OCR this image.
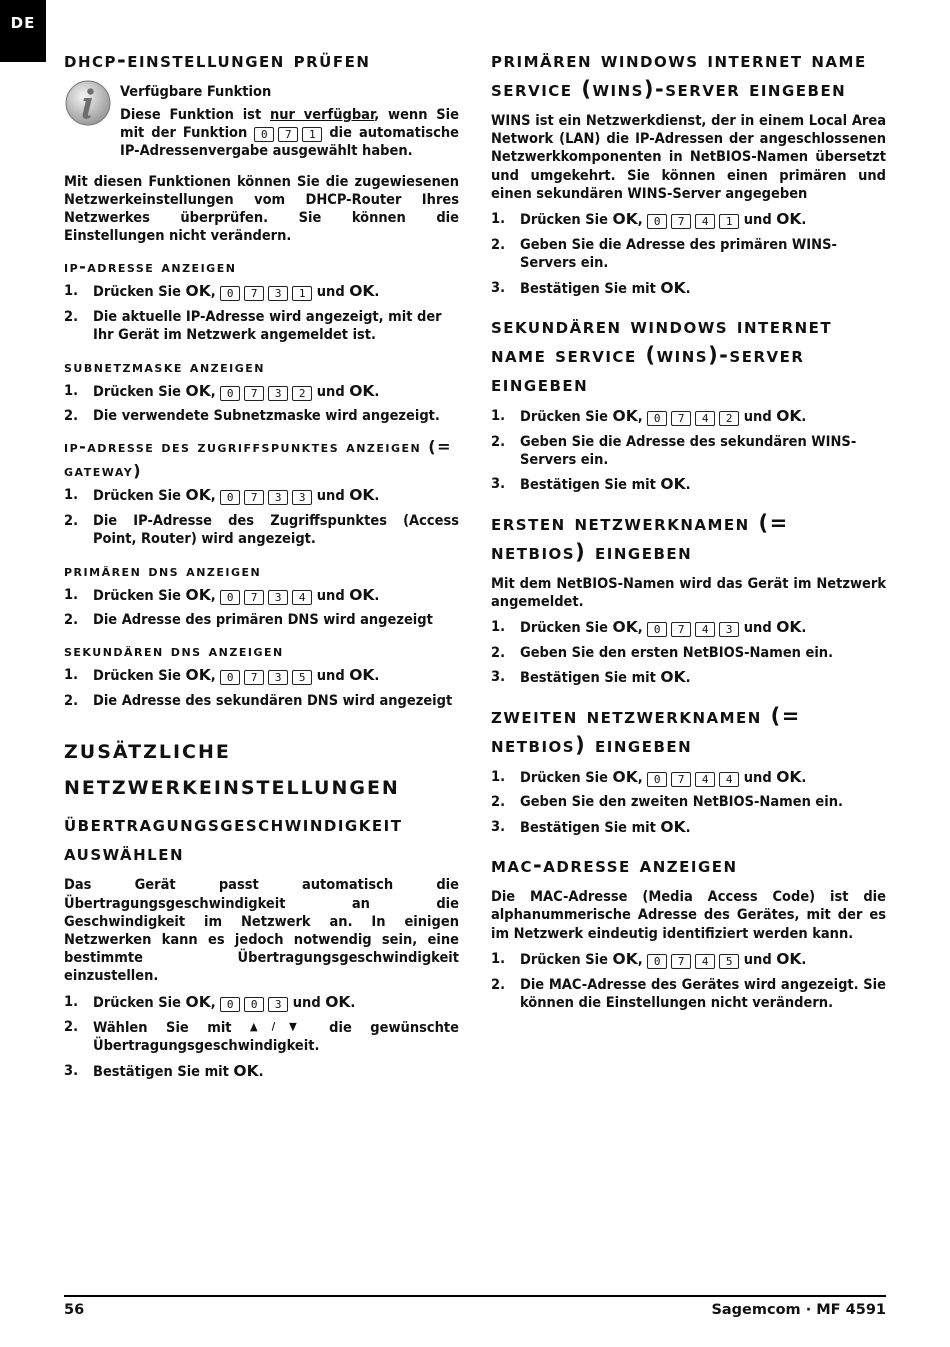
DE
dhcp-einstellungen prüfen
Verfügbare Funktion
Diese Funktion ist nur verfügbar, wenn Sie mit der Funktion 0 7 1 die automatische IP-Adressenvergabe ausgewählt haben.

Mit diesen Funktionen können Sie die zugewiesenen Netzwerkeinstellungen vom DHCP-Router Ihres Netzwerkes überprüfen. Sie können die Einstellungen nicht verändern.

ip-adresse anzeigen
1. Drücken Sie OK, 0 7 3 1 und OK.
2. Die aktuelle IP-Adresse wird angezeigt, mit der Ihr Gerät im Netzwerk angemeldet ist.
subnetzmaske anzeigen
1. Drücken Sie OK, 0 7 3 2 und OK.
2. Die verwendete Subnetzmaske wird angezeigt.
ip-adresse des zugriffspunktes anzeigen (= gateway)
1. Drücken Sie OK, 0 7 3 3 und OK.
2. Die IP-Adresse des Zugriffspunktes (Access Point, Router) wird angezeigt.
primären dns anzeigen
1. Drücken Sie OK, 0 7 3 4 und OK.
2. Die Adresse des primären DNS wird angezeigt
sekundären dns anzeigen
1. Drücken Sie OK, 0 7 3 5 und OK.
2. Die Adresse des sekundären DNS wird angezeigt
zusätzliche netzwerkeinstellungen
übertragungsgeschwindigkeit auswählen

Das Gerät passt automatisch die Übertragungsgeschwindigkeit an die Geschwindigkeit im Netzwerk an. In einigen Netzwerken kann es jedoch notwendig sein, eine bestimmte Übertragungsgeschwindigkeit einzustellen.

1. Drücken Sie OK, 0 0 3 und OK.
2. Wählen Sie mit ▲/▼ die gewünschte Übertragungsgeschwindigkeit.
3. Bestätigen Sie mit OK.
primären windows internet name service (wins)-server eingeben

WINS ist ein Netzwerkdienst, der in einem Local Area Network (LAN) die IP-Adressen der angeschlossenen Netzwerkkomponenten in NetBIOS-Namen übersetzt und umgekehrt. Sie können einen primären und einen sekundären WINS-Server angegeben

1. Drücken Sie OK, 0 7 4 1 und OK.
2. Geben Sie die Adresse des primären WINS-Servers ein.
3. Bestätigen Sie mit OK.
sekundären windows internet name service (wins)-server eingeben
1. Drücken Sie OK, 0 7 4 2 und OK.
2. Geben Sie die Adresse des sekundären WINS-Servers ein.
3. Bestätigen Sie mit OK.
ersten netzwerknamen (= netbios) eingeben

Mit dem NetBIOS-Namen wird das Gerät im Netzwerk angemeldet.

1. Drücken Sie OK, 0 7 4 3 und OK.
2. Geben Sie den ersten NetBIOS-Namen ein.
3. Bestätigen Sie mit OK.
zweiten netzwerknamen (= netbios) eingeben
1. Drücken Sie OK, 0 7 4 4 und OK.
2. Geben Sie den zweiten NetBIOS-Namen ein.
3. Bestätigen Sie mit OK.
mac-adresse anzeigen

Die MAC-Adresse (Media Access Code) ist die alphanummerische Adresse des Gerätes, mit der es im Netzwerk eindeutig identifiziert werden kann.

1. Drücken Sie OK, 0 7 4 5 und OK.
2. Die MAC-Adresse des Gerätes wird angezeigt. Sie können die Einstellungen nicht verändern.
56	Sagemcom · MF 4591
